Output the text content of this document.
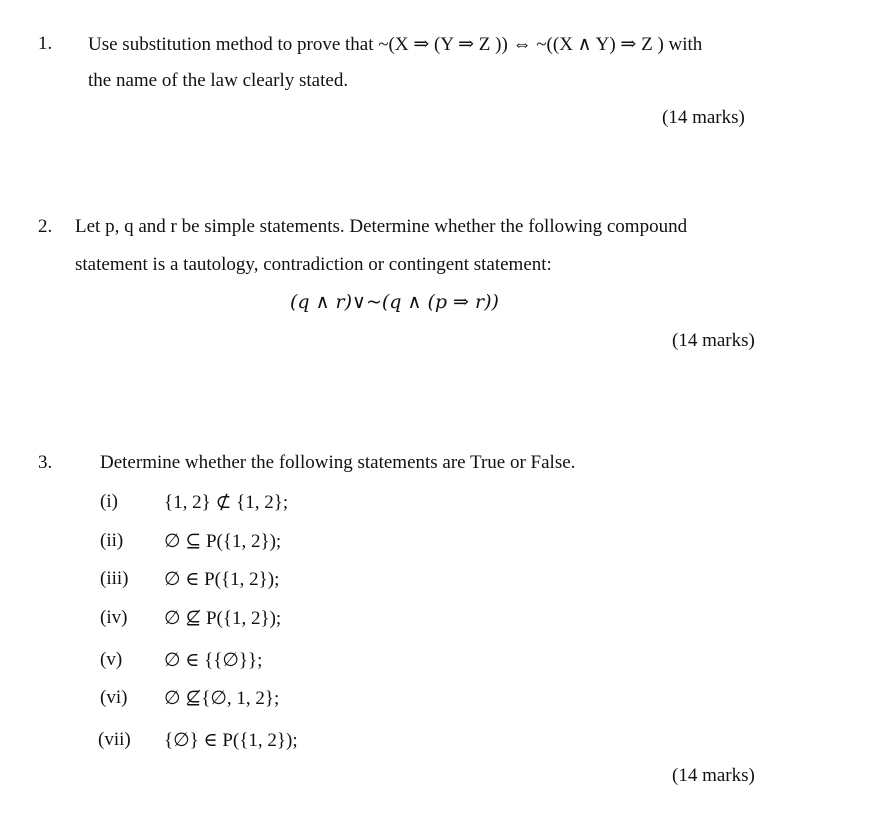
1. Use substitution method to prove that ~(X ⇒ (Y ⇒ Z )) ⇔ ~((X ∧ Y) ⇒ Z ) with
the name of the law clearly stated.
(14 marks)
2. Let p, q and r be simple statements. Determine whether the following compound
statement is a tautology, contradiction or contingent statement:
(q ∧ r)∨~(q ∧ (p ⇒ r))
(14 marks)
3.	Determine whether the following statements are True or False.
(i) {1, 2} ⊄ {1, 2};
(ii) ∅ ⊆ P({1, 2});
(iii) ∅ ∈ P({1, 2});
(iv) ∅ ⊈ P({1, 2});
(v) ∅ ∈ {{∅}};
(vi) ∅ ⊈{∅, 1, 2};
(vii) {∅} ∈ P({1, 2});
(14 marks)
